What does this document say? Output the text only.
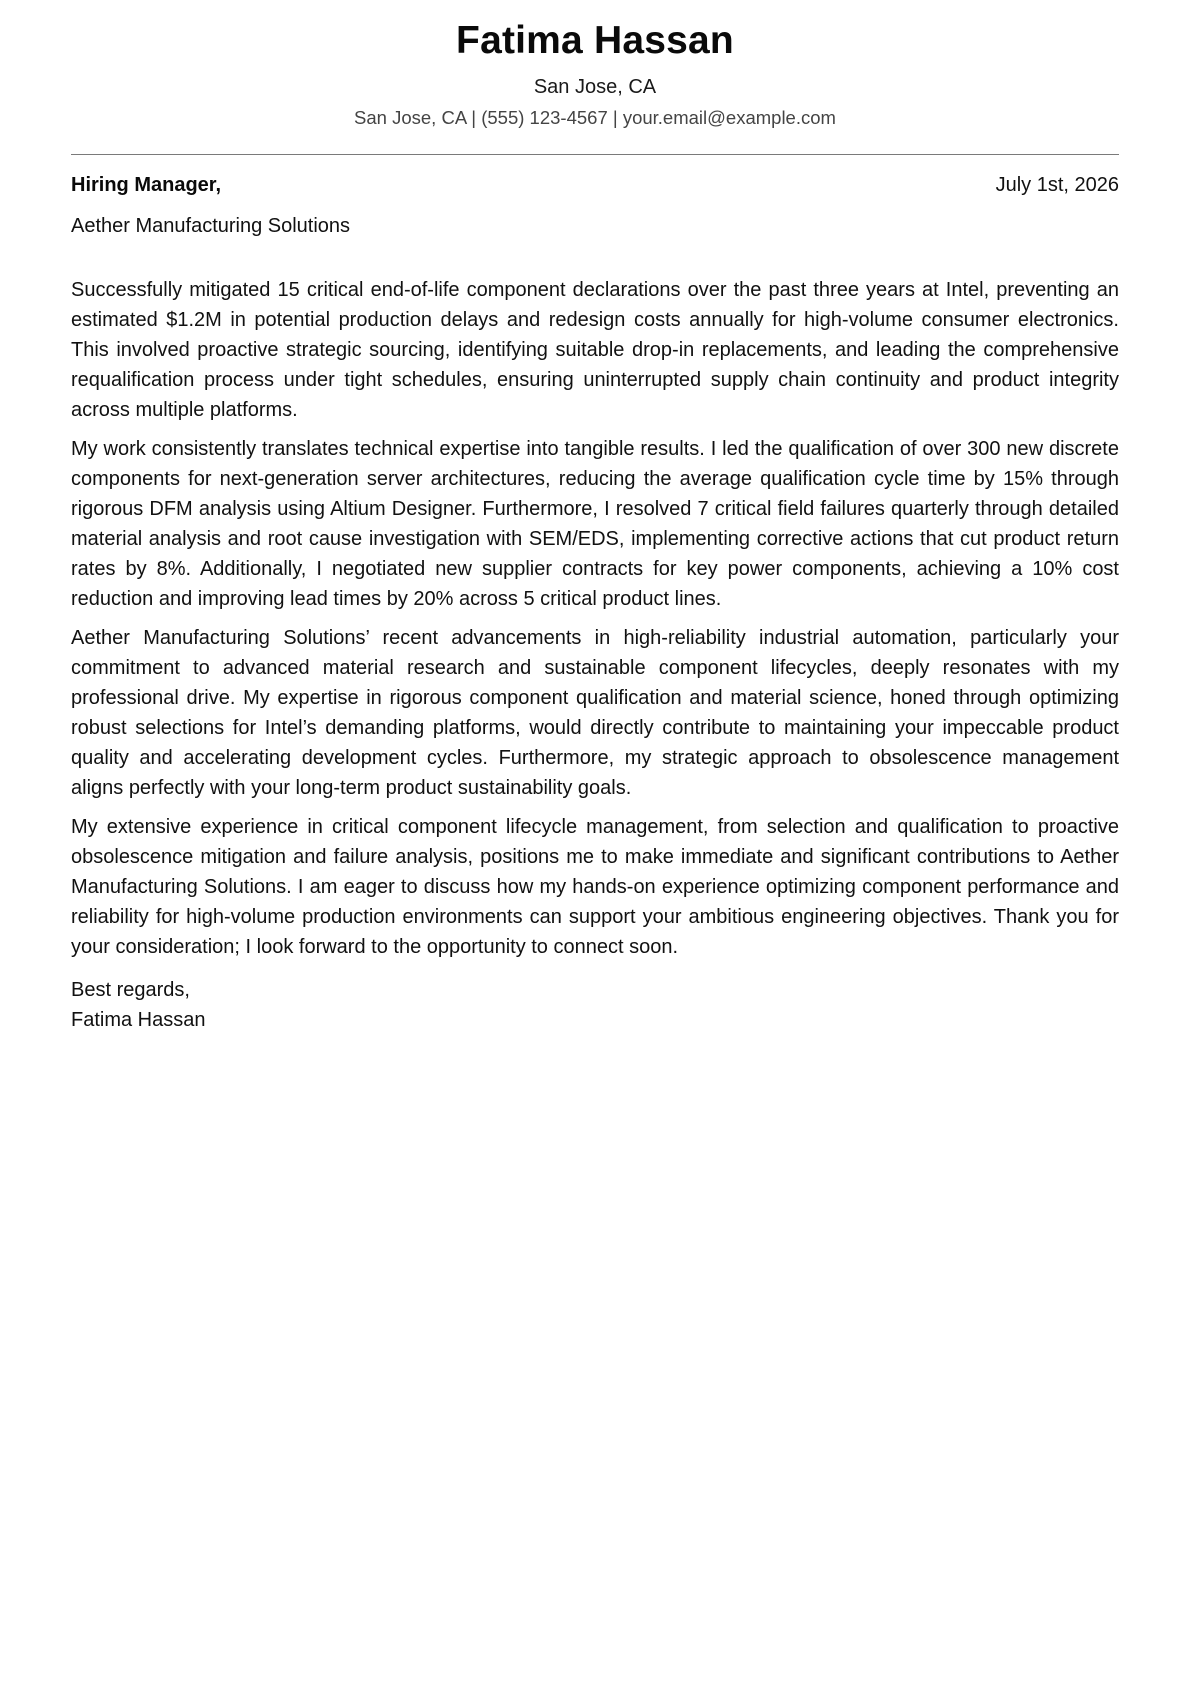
Fatima Hassan
San Jose, CA
San Jose, CA | (555) 123-4567 | your.email@example.com
Hiring Manager,	July 1st, 2026
Aether Manufacturing Solutions

Successfully mitigated 15 critical end-of-life component declarations over the past three years at Intel, preventing an estimated $1.2M in potential production delays and redesign costs annually for high-volume consumer electronics. This involved proactive strategic sourcing, identifying suitable drop-in replacements, and leading the comprehensive requalification process under tight schedules, ensuring uninterrupted supply chain continuity and product integrity across multiple platforms.

My work consistently translates technical expertise into tangible results. I led the qualification of over 300 new discrete components for next-generation server architectures, reducing the average qualification cycle time by 15% through rigorous DFM analysis using Altium Designer. Furthermore, I resolved 7 critical field failures quarterly through detailed material analysis and root cause investigation with SEM/EDS, implementing corrective actions that cut product return rates by 8%. Additionally, I negotiated new supplier contracts for key power components, achieving a 10% cost reduction and improving lead times by 20% across 5 critical product lines.

Aether Manufacturing Solutions’ recent advancements in high-reliability industrial automation, particularly your commitment to advanced material research and sustainable component lifecycles, deeply resonates with my professional drive. My expertise in rigorous component qualification and material science, honed through optimizing robust selections for Intel’s demanding platforms, would directly contribute to maintaining your impeccable product quality and accelerating development cycles. Furthermore, my strategic approach to obsolescence management aligns perfectly with your long-term product sustainability goals.

My extensive experience in critical component lifecycle management, from selection and qualification to proactive obsolescence mitigation and failure analysis, positions me to make immediate and significant contributions to Aether Manufacturing Solutions. I am eager to discuss how my hands-on experience optimizing component performance and reliability for high-volume production environments can support your ambitious engineering objectives. Thank you for your consideration; I look forward to the opportunity to connect soon.

Best regards,
Fatima Hassan
